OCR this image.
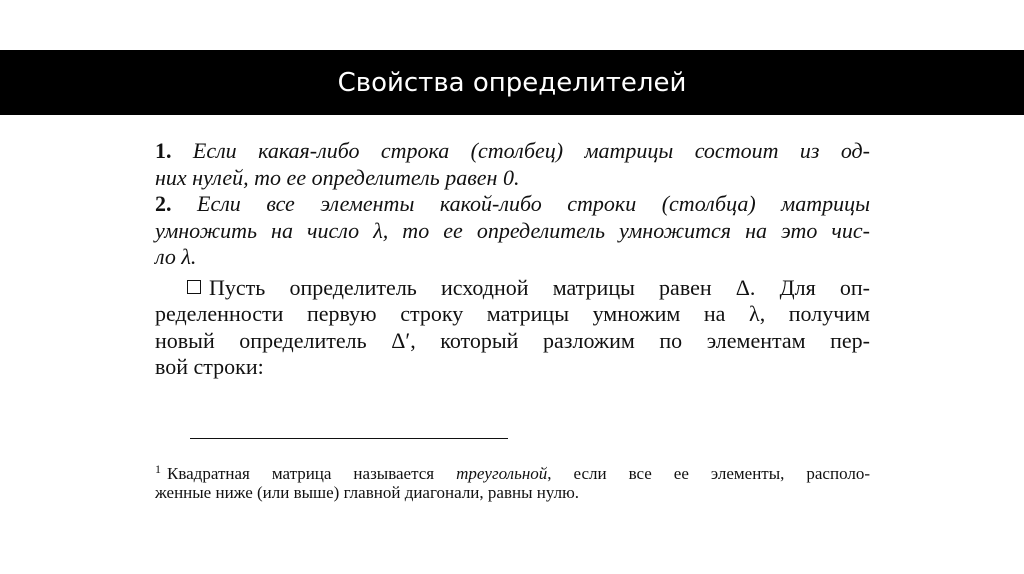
Свойства определителей
1. Если какая-либо строка (столбец) матрицы состоит из од-
них нулей, то ее определитель равен 0.
2. Если все элементы какой-либо строки (столбца) матрицы
умножить на число λ, то ее определитель умножится на это чис-
ло λ.
Пусть определитель исходной матрицы равен Δ. Для оп-
ределенности первую строку матрицы умножим на λ, получим
новый определитель Δ′, который разложим по элементам пер-
вой строки:
$^1$ Квадратная матрица называется треугольной, если все ее элементы, располо-
женные ниже (или выше) главной диагонали, равны нулю.
